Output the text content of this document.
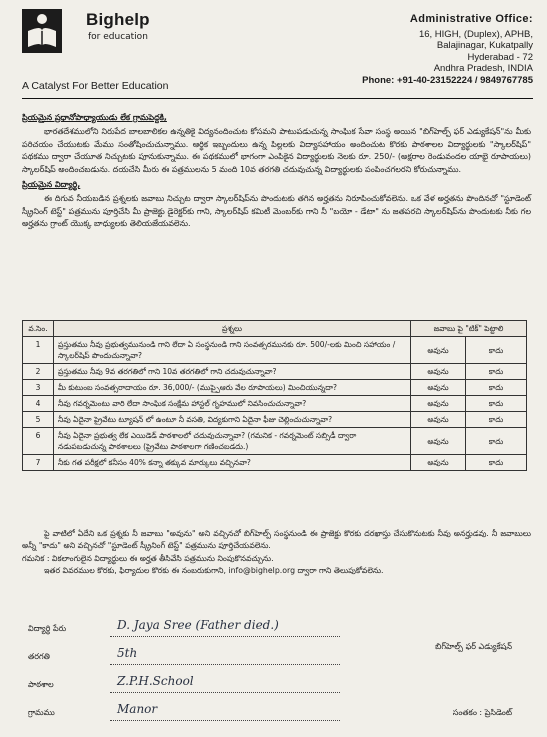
Bighelp
for education
A Catalyst For Better Education
Administrative Office:
16, HIGH, (Duplex), APHB,
Balajinagar, Kukatpally
Hyderabad - 72
Andhra Pradesh, INDIA
Phone: +91-40-23152224 / 9849767785

ప్రియమైన ప్రధానోపాధ్యాయుడు లేక గ్రామపెద్దకి,

భారతదేశములోని నిరుపేద బాలబాలికల ఉన్నతికై విద్యనందించుట కోసమని పాటుపడుచున్న సాంఘిక సేవా సంస్థ అయిన "బిగ్‌హెల్ప్ ఫర్ ఎడ్యుకేషన్"ను మీకు పరిచయం చేయుటకు మేము సంతోషించుచున్నాము. ఆర్థిక ఇబ్బందులు ఉన్న పిల్లలకు విద్యాసహాయం అందించుట కొరకు పాఠశాలల విద్యార్థులకు "స్కాలర్‌షిప్" పథకము ద్వారా చేయూత నిచ్చుటకు పూనుకున్నాము. ఈ పథకములో భాగంగా ఎంపికైన విద్యార్థులకు నెలకు రూ. 250/- (అక్షరాల రెండువందల యాభై రూపాయలు) స్కాలర్‌షిప్ అందించబడును. దయచేసి మీరు ఈ పత్రములను 5 మంది 10వ తరగతి చదువుచున్న విద్యార్థులకు పంపించగలరని కోరుచున్నాము.

ప్రియమైన విద్యార్థి,

ఈ దిగువ నీయబడిన ప్రశ్నలకు జవాబు నిచ్చుట ద్వారా స్కాలర్‌షిప్‌ను పొందుటకు తగిన అర్హతను నిరూపించుకోవలెను. ఒక వేళ అర్హతను పొందినచో "స్టూడెంట్ స్క్రీనింగ్ టెస్ట్" పత్రమును పూర్తిచేసి మీ ప్రాజెక్టు డైరెక్టర్‌కు గాని, స్కాలర్‌షిప్ కమిటీ మెంబర్‌కు గాని నీ "బయో - డేటా" ను జతపరచి స్కాలర్‌షిప్‌ను పొందుటకు నీకు గల అర్హతను గ్రాంట్ యొక్క బాధ్యులకు తెలియజేయవలెను.

వ.సెం.	ప్రశ్నలు	జవాబు పై "టిక్" పెట్టాలి	
1	ప్రస్తుతము నీవు ప్రభుత్వమునుండి గాని లేదా ఏ సంస్థనుండి గాని సంవత్సరమునకు రూ. 500/-లకు మించి సహాయం / స్కాలర్‌షిప్ పొందుచున్నావా?	అవును	కాదు
2	ప్రస్తుతము నీవు 9వ తరగతిలో గాని 10వ తరగతిలో గాని చదువుచున్నావా?	అవును	కాదు
3	మీ కుటుంబ సంవత్సరాదాయం రూ. 36,000/- (ముప్పైఆరు వేల రూపాయలు) మించియున్నదా?	అవును	కాదు
4	నీవు గవర్నమెంటు వారి లేదా సాంఘిక సంక్షేమ హాస్టల్ గృహములో నివసించుచున్నావా?	అవును	కాదు
5	నీవు ఏదైనా ప్రైవేటు ట్యూషన్ లో ఉంటూ నీ వసతి, విద్యకుగాని ఏదైనా ఫీజు చెల్లించుచున్నావా?	అవును	కాదు
6	నీవు ఏదైనా ప్రభుత్వ లేక ఎయిడెడ్ పాఠశాలలో చదువుచున్నావా? (గమనిక - గవర్నమెంట్ సబ్సిడీ ద్వారా నడుపబడుచున్న పాఠశాలలు (ప్రైవేటు పాఠశాలగా గణించబడదు.)	అవును	కాదు
7	నీకు గత పరీక్షలో కనీసం 40% కన్నా తక్కువ మార్కులు వచ్చినవా?	అవును	కాదు

పై వాటిలో ఏదేని ఒక ప్రశ్నకు నీ జవాబు "అవును" అని వచ్చినచో బిగ్‌హెల్ప్ సంస్థనుండి ఈ ప్రాజెక్టు కొరకు దరఖాస్తు చేసుకొనుటకు నీవు అనర్హుడవు. నీ జవాబులు అన్నీ "కాదు" అని వచ్చినచో "స్టూడెంట్ స్క్రీనింగ్ టెస్ట్" పత్రమును పూర్తిచేయవలెను.

గమనిక : వికలాంగులైన విద్యార్థులు ఈ అర్హత తీసివేసి పత్రమును నింపుకొనవచ్చును.

ఇతర వివరముల కొరకు, ఫిర్యాదుల కొరకు ఈ నంబరుకుగాని, info@bighelp.org ద్వారా గాని తెలుపుకోవలెను.

విద్యార్థి పేరు	D. Jaya Sree (Father died.)
తరగతి	5th
పాఠశాల	Z.P.H.School
గ్రామము	Manor
బిగ్‌హెల్ప్ ఫర్ ఎడ్యుకేషన్
సంతకం : ప్రెసిడెంట్
